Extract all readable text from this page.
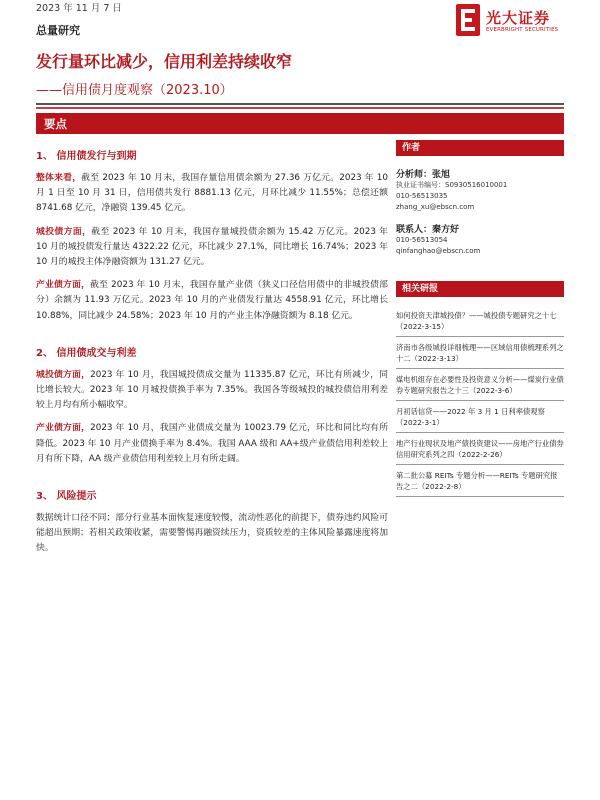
2023 年 11 月 7 日
总量研究
光大证券
EVERBRIGHT SECURITIES
发行量环比减少，信用利差持续收窄
——信用债月度观察（2023.10）
要点
1、 信用债发行与到期

整体来看，截至 2023 年 10 月末，我国存量信用债余额为 27.36 万亿元。2023 年 10 月 1 日至 10 月 31 日，信用债共发行 8881.13 亿元，月环比减少 11.55%；总偿还额 8741.68 亿元，净融资 139.45 亿元。

城投债方面，截至 2023 年 10 月末，我国存量城投债余额为 15.42 万亿元。2023 年 10 月的城投债发行量达 4322.22 亿元，环比减少 27.1%，同比增长 16.74%；2023 年 10 月的城投主体净融资额为 131.27 亿元。

产业债方面，截至 2023 年 10 月末，我国存量产业债（狭义口径信用债中的非城投债部分）余额为 11.93 万亿元。2023 年 10 月的产业债发行量达 4558.91 亿元，环比增长 10.88%，同比减少 24.58%；2023 年 10 月的产业主体净融资额为 8.18 亿元。

2、 信用债成交与利差

城投债方面，2023 年 10 月，我国城投债成交量为 11335.87 亿元，环比有所减少，同比增长较大。2023 年 10 月城投债换手率为 7.35%。我国各等级城投的城投债信用利差较上月均有所小幅收窄。

产业债方面，2023 年 10 月，我国产业债成交量为 10023.79 亿元，环比和同比均有所降低。2023 年 10 月产业债换手率为 8.4%。我国 AAA 级和 AA+级产业债信用利差较上月有所下降，AA 级产业债信用利差较上月有所走阔。

3、 风险提示

数据统计口径不同；部分行业基本面恢复速度较慢，流动性恶化的前提下，债券违约风险可能超出预期；若相关政策收紧，需要警惕再融资续压力，资质较差的主体风险暴露速度将加快。

作者
分析师：张旭
执业证书编号：S0930516010001
010-56513035
zhang_xu@ebscn.com
联系人：秦方好
010-56513054
qinfanghao@ebscn.com
相关研报
如何投资天津城投债？——城投债专题研究之十七（2022-3-15）
济南市各级城投详细梳理——区域信用债梳理系列之十二（2022-3-13）
煤电机组存在必要性及投资意义分析——煤炭行业债券专题研究报告之十三（2022-3-6）
月初话信贷——2022 年 3 月 1 日利率债观察（2022-3-1）
地产行业现状及地产债投资建议——房地产行业债券信用研究系列之四（2022-2-26）
第二批公募 REITs 专题分析——REITs 专题研究报告之二（2022-2-8）
